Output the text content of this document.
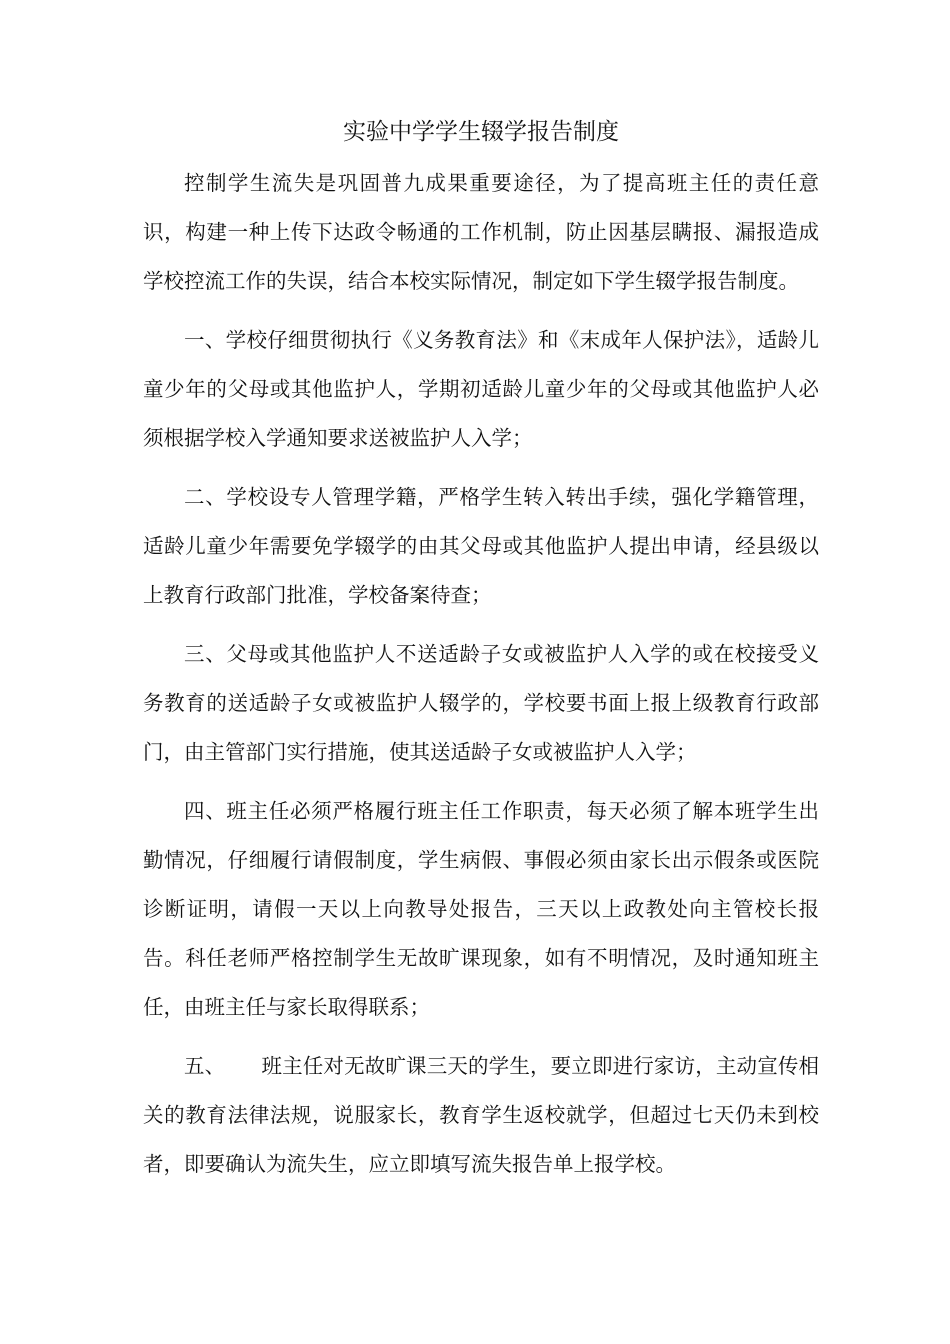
实验中学学生辍学报告制度

控制学生流失是巩固普九成果重要途径，为了提高班主任的责任意识，构建一种上传下达政令畅通的工作机制，防止因基层瞒报、漏报造成学校控流工作的失误，结合本校实际情况，制定如下学生辍学报告制度。

一、学校仔细贯彻执行《义务教育法》和《末成年人保护法》，适龄儿童少年的父母或其他监护人，学期初适龄儿童少年的父母或其他监护人必须根据学校入学通知要求送被监护人入学；

二、学校设专人管理学籍，严格学生转入转出手续，强化学籍管理，适龄儿童少年需要免学辍学的由其父母或其他监护人提出申请，经县级以上教育行政部门批准，学校备案待查；

三、父母或其他监护人不送适龄子女或被监护人入学的或在校接受义务教育的送适龄子女或被监护人辍学的，学校要书面上报上级教育行政部门，由主管部门实行措施，使其送适龄子女或被监护人入学；

四、班主任必须严格履行班主任工作职责，每天必须了解本班学生出勤情况，仔细履行请假制度，学生病假、事假必须由家长出示假条或医院诊断证明，请假一天以上向教导处报告，三天以上政教处向主管校长报告。科任老师严格控制学生无故旷课现象，如有不明情况，及时通知班主任，由班主任与家长取得联系；

五、 班主任对无故旷课三天的学生，要立即进行家访，主动宣传相关的教育法律法规，说服家长，教育学生返校就学，但超过七天仍未到校者，即要确认为流失生，应立即填写流失报告单上报学校。
